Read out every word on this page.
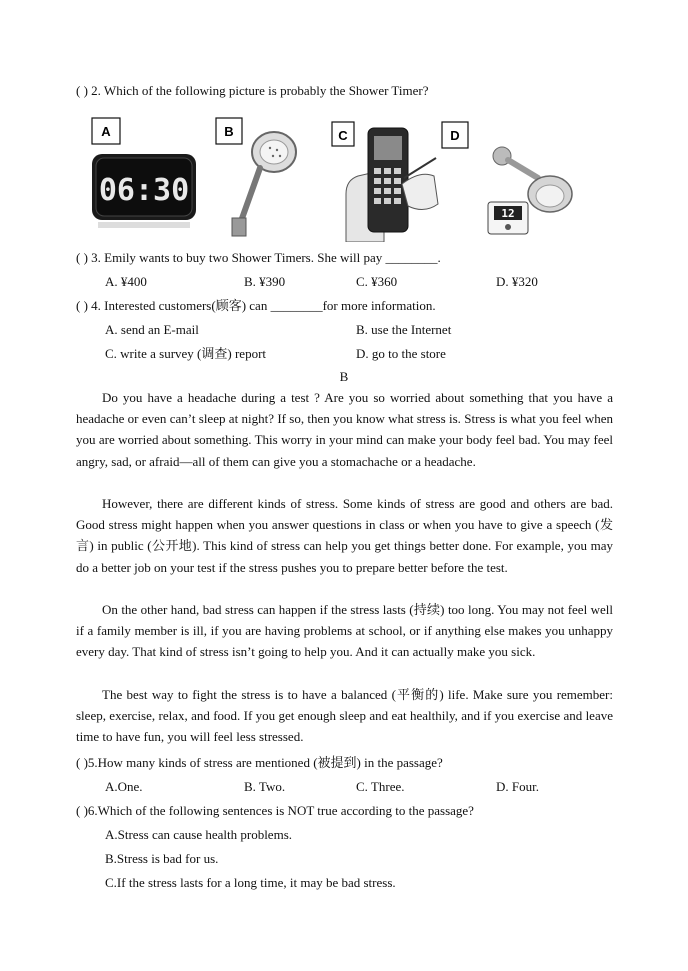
( ) 2. Which of the following picture is probably the Shower Timer?
A
06:30
B	C	D
12
( ) 3. Emily wants to buy two Shower Timers. She will pay ________.
A. ¥400	B. ¥390	C. ¥360	D. ¥320
( ) 4. Interested customers(顾客) can ________for more information.
A. send an E-mail	B. use the Internet
C. write a survey (调查) report	D. go to the store
B
Do you have a headache during a test ? Are you so worried about something that you have a headache or even can’t sleep at night? If so, then you know what stress is. Stress is what you feel when you are worried about something. This worry in your mind can make your body feel bad. You may feel angry, sad, or afraid—all of them can give you a stomachache or a headache.
However, there are different kinds of stress. Some kinds of stress are good and others are bad. Good stress might happen when you answer questions in class or when you have to give a speech (发言) in public (公开地). This kind of stress can help you get things better done. For example, you may do a better job on your test if the stress pushes you to prepare better before the test.
On the other hand, bad stress can happen if the stress lasts (持续) too long. You may not feel well if a family member is ill, if you are having problems at school, or if anything else makes you unhappy every day. That kind of stress isn’t going to help you. And it can actually make you sick.
The best way to fight the stress is to have a balanced (平衡的) life. Make sure you remember: sleep, exercise, relax, and food. If you get enough sleep and eat healthily, and if you exercise and leave time to have fun, you will feel less stressed.
( )5.How many kinds of stress are mentioned (被提到) in the passage?
A.One.	B. Two.	C. Three.	D. Four.
( )6.Which of the following sentences is NOT true according to the passage?
A.Stress can cause health problems.
B.Stress is bad for us.
C.If the stress lasts for a long time, it may be bad stress.
